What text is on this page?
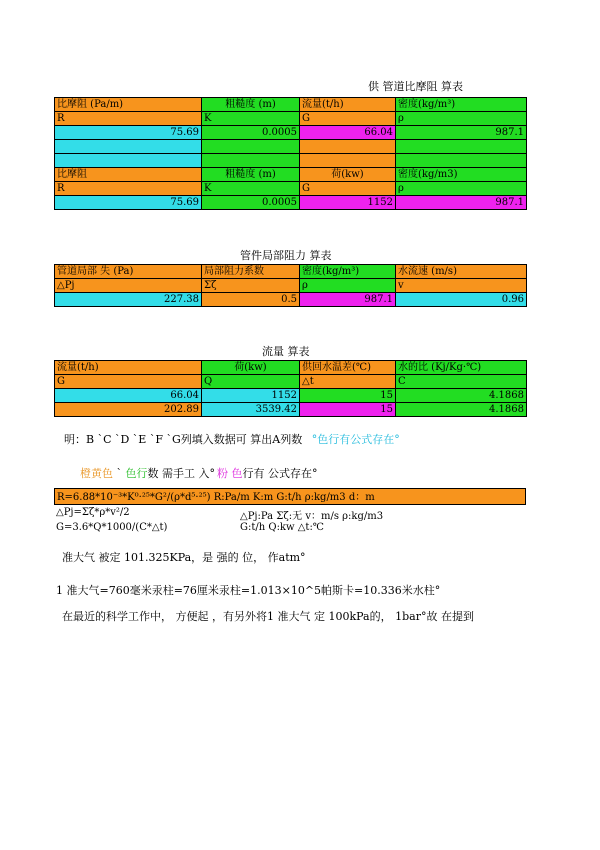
供 管道比摩阻 算表
比摩阻 (Pa/m)	粗糙度 (m)	流量(t/h)	密度(kg/m³)
R	K	G	ρ
75.69	0.0005	66.04	987.1

比摩阻	粗糙度 (m)	荷(kw)	密度(kg/m3)
R	K	G	ρ
75.69	0.0005	1152	987.1
管件局部阻力 算表
管道局部 失 (Pa)	局部阻力系数	密度(kg/m³)	水流速 (m/s)
△Pj	Σζ	ρ	v
227.38	0.5	987.1	0.96
流量 算表
流量(t/h)	荷(kw)	供回水温差(℃)	水的比 (Kj/Kg·℃)
G	Q	△t	C
66.04	1152	15	4.1868
202.89	3539.42	15	4.1868
明：B `C `D `E `F `G列填入数据可 算出A列数 °色行有公式存在°
橙黄色 ` 色行数 需手工 入° 粉 色行有 公式存在°
R=6.88*10⁻³*K⁰·²⁵*G²/(ρ*d⁵·²⁵) R:Pa/m K:m G:t/h ρ:kg/m3 d：m
△Pj=Σζ*ρ*v²/2	△Pj:Pa Σζ:无 v：m/s ρ:kg/m3
G=3.6*Q*1000/(C*△t)	G:t/h Q:kw △t:℃
准大气 被定 101.325KPa，是 强的 位， 作atm°
1 准大气=760毫米汞柱=76厘米汞柱=1.013×10^5帕斯卡=10.336米水柱°
在最近的科学工作中， 方便起 ，有另外将1 准大气 定 100kPa的， 1bar°故 在提到
